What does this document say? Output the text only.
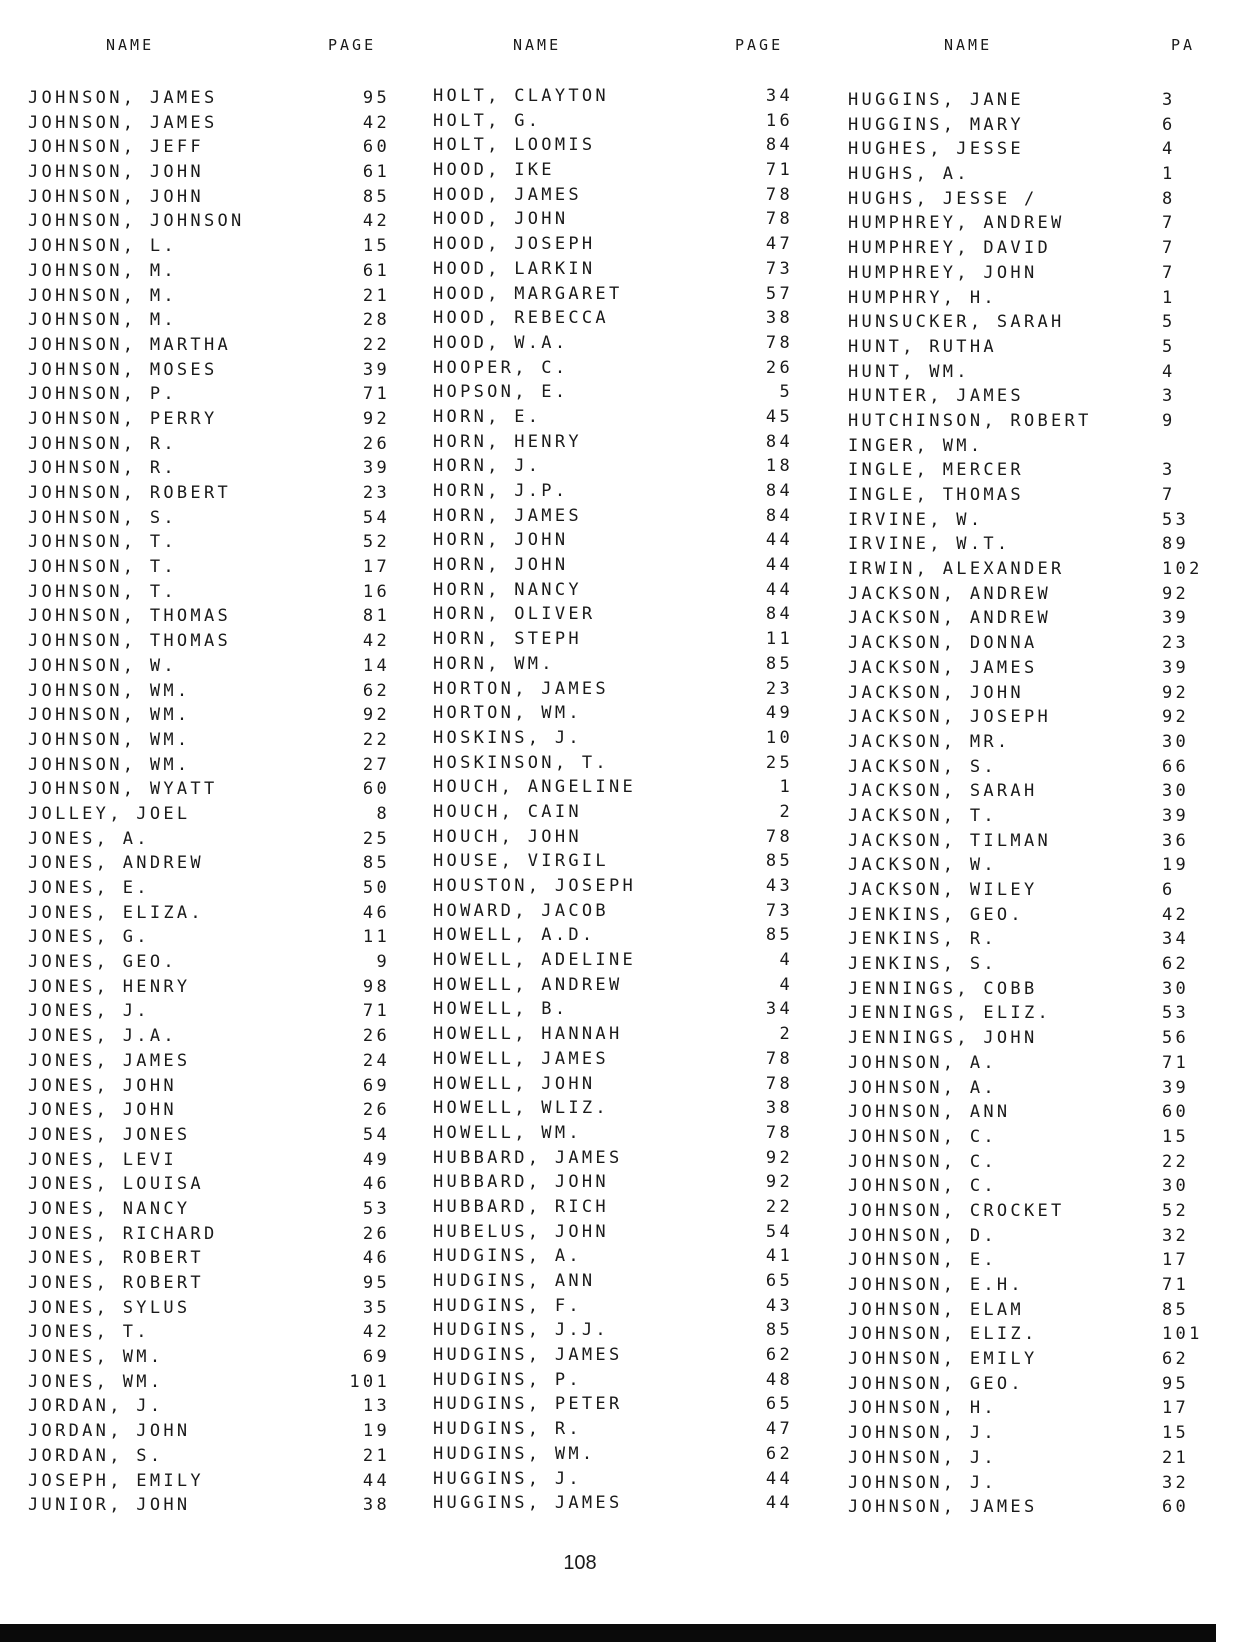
NAME	PAGE
JOHNSON, JAMES	95
JOHNSON, JAMES	42
JOHNSON, JEFF	60
JOHNSON, JOHN	61
JOHNSON, JOHN	85
JOHNSON, JOHNSON	42
JOHNSON, L.	15
JOHNSON, M.	61
JOHNSON, M.	21
JOHNSON, M.	28
JOHNSON, MARTHA	22
JOHNSON, MOSES	39
JOHNSON, P.	71
JOHNSON, PERRY	92
JOHNSON, R.	26
JOHNSON, R.	39
JOHNSON, ROBERT	23
JOHNSON, S.	54
JOHNSON, T.	52
JOHNSON, T.	17
JOHNSON, T.	16
JOHNSON, THOMAS	81
JOHNSON, THOMAS	42
JOHNSON, W.	14
JOHNSON, WM.	62
JOHNSON, WM.	92
JOHNSON, WM.	22
JOHNSON, WM.	27
JOHNSON, WYATT	60
JOLLEY, JOEL	8
JONES, A.	25
JONES, ANDREW	85
JONES, E.	50
JONES, ELIZA.	46
JONES, G.	11
JONES, GEO.	9
JONES, HENRY	98
JONES, J.	71
JONES, J.A.	26
JONES, JAMES	24
JONES, JOHN	69
JONES, JOHN	26
JONES, JONES	54
JONES, LEVI	49
JONES, LOUISA	46
JONES, NANCY	53
JONES, RICHARD	26
JONES, ROBERT	46
JONES, ROBERT	95
JONES, SYLUS	35
JONES, T.	42
JONES, WM.	69
JONES, WM.	101
JORDAN, J.	13
JORDAN, JOHN	19
JORDAN, S.	21
JOSEPH, EMILY	44
JUNIOR, JOHN	38
NAME	PAGE
HOLT, CLAYTON	34
HOLT, G.	16
HOLT, LOOMIS	84
HOOD, IKE	71
HOOD, JAMES	78
HOOD, JOHN	78
HOOD, JOSEPH	47
HOOD, LARKIN	73
HOOD, MARGARET	57
HOOD, REBECCA	38
HOOD, W.A.	78
HOOPER, C.	26
HOPSON, E.	5
HORN, E.	45
HORN, HENRY	84
HORN, J.	18
HORN, J.P.	84
HORN, JAMES	84
HORN, JOHN	44
HORN, JOHN	44
HORN, NANCY	44
HORN, OLIVER	84
HORN, STEPH	11
HORN, WM.	85
HORTON, JAMES	23
HORTON, WM.	49
HOSKINS, J.	10
HOSKINSON, T.	25
HOUCH, ANGELINE	1
HOUCH, CAIN	2
HOUCH, JOHN	78
HOUSE, VIRGIL	85
HOUSTON, JOSEPH	43
HOWARD, JACOB	73
HOWELL, A.D.	85
HOWELL, ADELINE	4
HOWELL, ANDREW	4
HOWELL, B.	34
HOWELL, HANNAH	2
HOWELL, JAMES	78
HOWELL, JOHN	78
HOWELL, WLIZ.	38
HOWELL, WM.	78
HUBBARD, JAMES	92
HUBBARD, JOHN	92
HUBBARD, RICH	22
HUBELUS, JOHN	54
HUDGINS, A.	41
HUDGINS, ANN	65
HUDGINS, F.	43
HUDGINS, J.J.	85
HUDGINS, JAMES	62
HUDGINS, P.	48
HUDGINS, PETER	65
HUDGINS, R.	47
HUDGINS, WM.	62
HUGGINS, J.	44
HUGGINS, JAMES	44
NAME	PA
HUGGINS, JANE	3
HUGGINS, MARY	6
HUGHES, JESSE	4
HUGHS, A.	1
HUGHS, JESSE /	8
HUMPHREY, ANDREW	7
HUMPHREY, DAVID	7
HUMPHREY, JOHN	7
HUMPHRY, H.	1
HUNSUCKER, SARAH	5
HUNT, RUTHA	5
HUNT, WM.	4
HUNTER, JAMES	3
HUTCHINSON, ROBERT	9
INGER, WM.
INGLE, MERCER	3
INGLE, THOMAS	7
IRVINE, W.	53
IRVINE, W.T.	89
IRWIN, ALEXANDER	102
JACKSON, ANDREW	92
JACKSON, ANDREW	39
JACKSON, DONNA	23
JACKSON, JAMES	39
JACKSON, JOHN	92
JACKSON, JOSEPH	92
JACKSON, MR.	30
JACKSON, S.	66
JACKSON, SARAH	30
JACKSON, T.	39
JACKSON, TILMAN	36
JACKSON, W.	19
JACKSON, WILEY	6
JENKINS, GEO.	42
JENKINS, R.	34
JENKINS, S.	62
JENNINGS, COBB	30
JENNINGS, ELIZ.	53
JENNINGS, JOHN	56
JOHNSON, A.	71
JOHNSON, A.	39
JOHNSON, ANN	60
JOHNSON, C.	15
JOHNSON, C.	22
JOHNSON, C.	30
JOHNSON, CROCKET	52
JOHNSON, D.	32
JOHNSON, E.	17
JOHNSON, E.H.	71
JOHNSON, ELAM	85
JOHNSON, ELIZ.	101
JOHNSON, EMILY	62
JOHNSON, GEO.	95
JOHNSON, H.	17
JOHNSON, J.	15
JOHNSON, J.	21
JOHNSON, J.	32
JOHNSON, JAMES	60
108
